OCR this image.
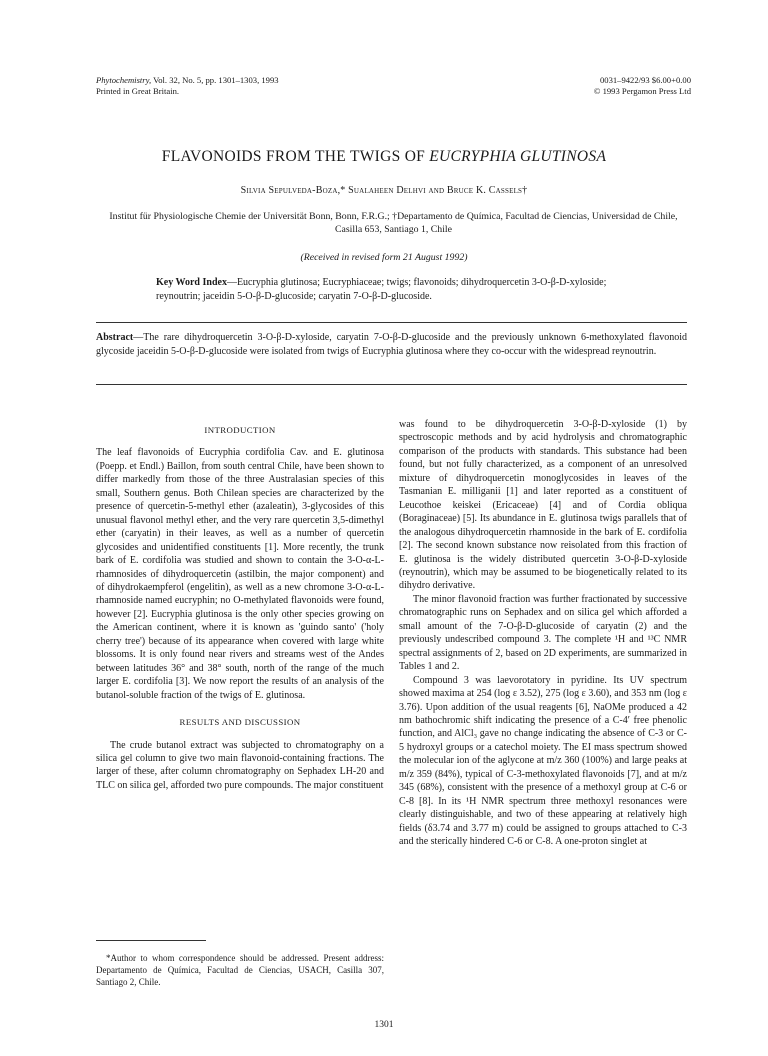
Phytochemistry, Vol. 32, No. 5, pp. 1301–1303, 1993
Printed in Great Britain.
0031–9422/93 $6.00+0.00
© 1993 Pergamon Press Ltd
FLAVONOIDS FROM THE TWIGS OF EUCRYPHIA GLUTINOSA
Silvia Sepulveda-Boza,* Sualaheen Delhvi and Bruce K. Cassels†
Institut für Physiologische Chemie der Universität Bonn, Bonn, F.R.G.; †Departamento de Química, Facultad de Ciencias, Universidad de Chile, Casilla 653, Santiago 1, Chile
(Received in revised form 21 August 1992)
Key Word Index—Eucryphia glutinosa; Eucryphiaceae; twigs; flavonoids; dihydroquercetin 3-O-β-D-xyloside; reynoutrin; jaceidin 5-O-β-D-glucoside; caryatin 7-O-β-D-glucoside.
Abstract—The rare dihydroquercetin 3-O-β-D-xyloside, caryatin 7-O-β-D-glucoside and the previously unknown 6-methoxylated flavonoid glycoside jaceidin 5-O-β-D-glucoside were isolated from twigs of Eucryphia glutinosa where they co-occur with the widespread reynoutrin.
INTRODUCTION

The leaf flavonoids of Eucryphia cordifolia Cav. and E. glutinosa (Poepp. et Endl.) Baillon, from south central Chile, have been shown to differ markedly from those of the three Australasian species of this small, Southern genus. Both Chilean species are characterized by the presence of quercetin-5-methyl ether (azaleatin), 3-glycosides of this unusual flavonol methyl ether, and the very rare quercetin 3,5-dimethyl ether (caryatin) in their leaves, as well as a number of quercetin glycosides and unidentified constituents [1]. More recently, the trunk bark of E. cordifolia was studied and shown to contain the 3-O-α-L-rhamnosides of dihydroquercetin (astilbin, the major component) and of dihydrokaempferol (engelitin), as well as a new chromone 3-O-α-L-rhamnoside named eucryphin; no O-methylated flavonoids were found, however [2]. Eucryphia glutinosa is the only other species growing on the American continent, where it is known as 'guindo santo' ('holy cherry tree') because of its appearance when covered with large white blossoms. It is only found near rivers and streams west of the Andes between latitudes 36° and 38° south, north of the range of the much larger E. cordifolia [3]. We now report the results of an analysis of the butanol-soluble fraction of the twigs of E. glutinosa.

RESULTS AND DISCUSSION

The crude butanol extract was subjected to chromatography on a silica gel column to give two main flavonoid-containing fractions. The larger of these, after column chromatography on Sephadex LH-20 and TLC on silica gel, afforded two pure compounds. The major constituent

was found to be dihydroquercetin 3-O-β-D-xyloside (1) by spectroscopic methods and by acid hydrolysis and chromatographic comparison of the products with standards. This substance had been found, but not fully characterized, as a component of an unresolved mixture of dihydroquercetin monoglycosides in leaves of the Tasmanian E. milliganii [1] and later reported as a constituent of Leucothoe keiskei (Ericaceae) [4] and of Cordia obliqua (Boraginaceae) [5]. Its abundance in E. glutinosa twigs parallels that of the analogous dihydroquercetin rhamnoside in the bark of E. cordifolia [2]. The second known substance now reisolated from this fraction of E. glutinosa is the widely distributed quercetin 3-O-β-D-xyloside (reynoutrin), which may be assumed to be biogenetically related to its dihydro derivative.

The minor flavonoid fraction was further fractionated by successive chromatographic runs on Sephadex and on silica gel which afforded a small amount of the 7-O-β-D-glucoside of caryatin (2) and the previously undescribed compound 3. The complete ¹H and ¹³C NMR spectral assignments of 2, based on 2D experiments, are summarized in Tables 1 and 2.

Compound 3 was laevorotatory in pyridine. Its UV spectrum showed maxima at 254 (log ε 3.52), 275 (log ε 3.60), and 353 nm (log ε 3.76). Upon addition of the usual reagents [6], NaOMe produced a 42 nm bathochromic shift indicating the presence of a C-4′ free phenolic function, and AlCl₃ gave no change indicating the absence of C-3 or C-5 hydroxyl groups or a catechol moiety. The EI mass spectrum showed the molecular ion of the aglycone at m/z 360 (100%) and large peaks at m/z 359 (84%), typical of C-3-methoxylated flavonoids [7], and at m/z 345 (68%), consistent with the presence of a methoxyl group at C-6 or C-8 [8]. In its ¹H NMR spectrum three methoxyl resonances were clearly distinguishable, and two of these appearing at relatively high fields (δ3.74 and 3.77 m) could be assigned to groups attached to C-3 and the sterically hindered C-6 or C-8. A one-proton singlet at

*Author to whom correspondence should be addressed. Present address: Departamento de Química, Facultad de Ciencias, USACH, Casilla 307, Santiago 2, Chile.

1301
